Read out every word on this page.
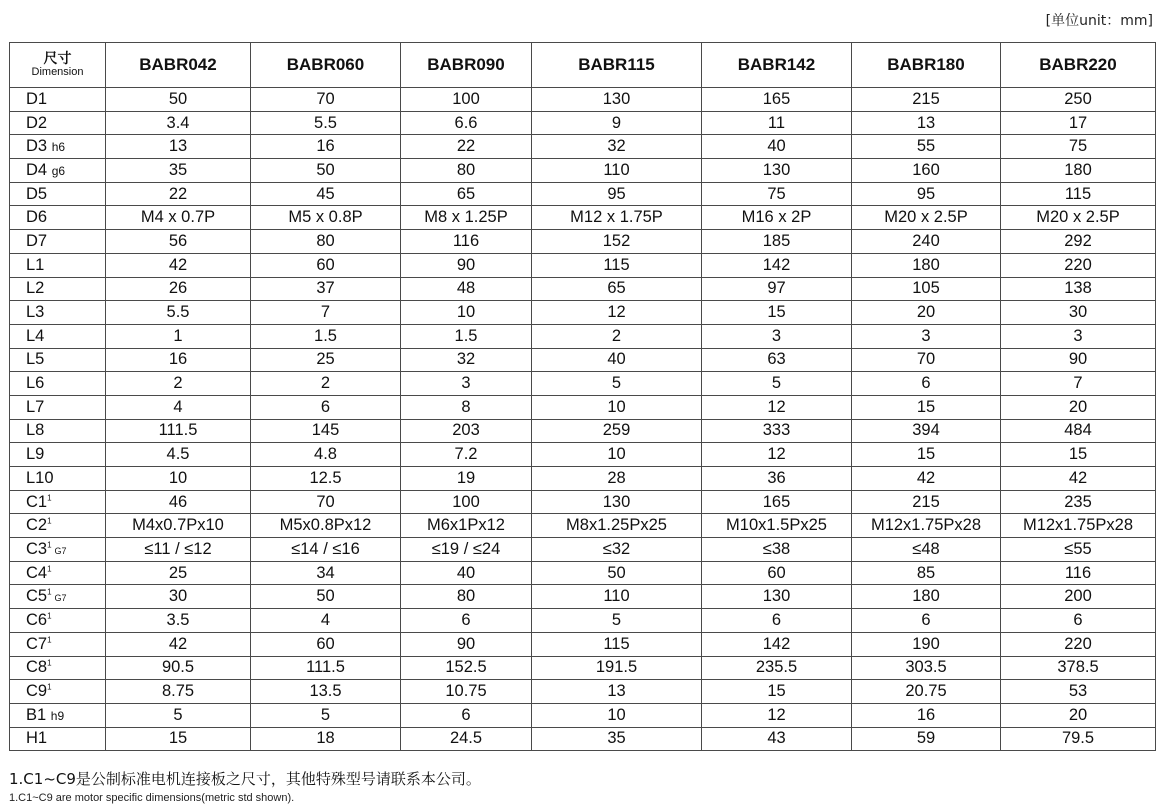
[单位unit：mm]
尺寸
Dimension	BABR042	BABR060	BABR090	BABR115	BABR142	BABR180	BABR220
D1	50	70	100	130	165	215	250
D2	3.4	5.5	6.6	9	11	13	17
D3 h6	13	16	22	32	40	55	75
D4 g6	35	50	80	110	130	160	180
D5	22	45	65	95	75	95	115
D6	M4 x 0.7P	M5 x 0.8P	M8 x 1.25P	M12 x 1.75P	M16 x 2P	M20 x 2.5P	M20 x 2.5P
D7	56	80	116	152	185	240	292
L1	42	60	90	115	142	180	220
L2	26	37	48	65	97	105	138
L3	5.5	7	10	12	15	20	30
L4	1	1.5	1.5	2	3	3	3
L5	16	25	32	40	63	70	90
L6	2	2	3	5	5	6	7
L7	4	6	8	10	12	15	20
L8	111.5	145	203	259	333	394	484
L9	4.5	4.8	7.2	10	12	15	15
L10	10	12.5	19	28	36	42	42
$C1^1$	46	70	100	130	165	215	235
$C2^1$	M4x0.7Px10	M5x0.8Px12	M6x1Px12	M8x1.25Px25	M10x1.5Px25	M12x1.75Px28	M12x1.75Px28
$C3^1G7$	≤11 / ≤12	≤14 / ≤16	≤19 / ≤24	≤32	≤38	≤48	≤55
$C4^1$	25	34	40	50	60	85	116
$C5^1G7$	30	50	80	110	130	180	200
$C6^1$	3.5	4	6	5	6	6	6
$C7^1$	42	60	90	115	142	190	220
$C8^1$	90.5	111.5	152.5	191.5	235.5	303.5	378.5
$C9^1$	8.75	13.5	10.75	13	15	20.75	53
B1 h9	5	5	6	10	12	16	20
H1	15	18	24.5	35	43	59	79.5
1.C1~C9是公制标准电机连接板之尺寸，其他特殊型号请联系本公司。
1.C1~C9 are motor specific dimensions(metric std shown).
